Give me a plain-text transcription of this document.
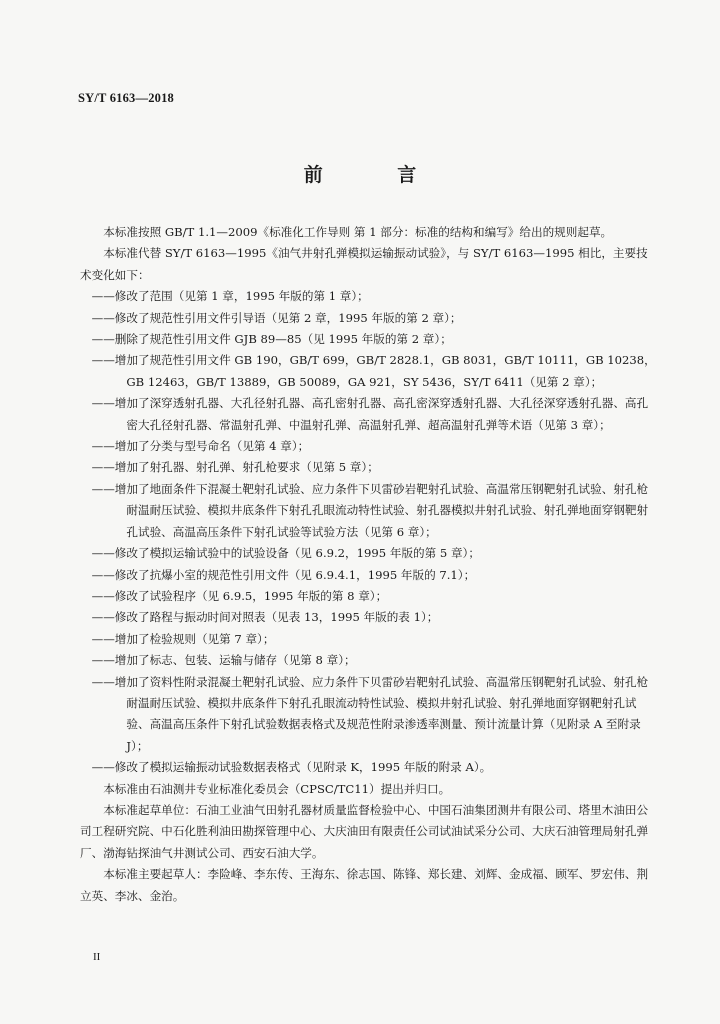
SY/T 6163—2018
前 言

本标准按照 GB/T 1.1—2009《标准化工作导则 第 1 部分：标准的结构和编写》给出的规则起草。

本标准代替 SY/T 6163—1995《油气井射孔弹模拟运输振动试验》，与 SY/T 6163—1995 相比，主要技术变化如下：

——修改了范围（见第 1 章，1995 年版的第 1 章）；

——修改了规范性引用文件引导语（见第 2 章，1995 年版的第 2 章）；

——删除了规范性引用文件 GJB 89—85（见 1995 年版的第 2 章）；

——增加了规范性引用文件 GB 190，GB/T 699，GB/T 2828.1，GB 8031，GB/T 10111，GB 10238，GB 12463，GB/T 13889，GB 50089，GA 921，SY 5436，SY/T 6411（见第 2 章）；

——增加了深穿透射孔器、大孔径射孔器、高孔密射孔器、高孔密深穿透射孔器、大孔径深穿透射孔器、高孔密大孔径射孔器、常温射孔弹、中温射孔弹、高温射孔弹、超高温射孔弹等术语（见第 3 章）；

——增加了分类与型号命名（见第 4 章）；

——增加了射孔器、射孔弹、射孔枪要求（见第 5 章）；

——增加了地面条件下混凝土靶射孔试验、应力条件下贝雷砂岩靶射孔试验、高温常压钢靶射孔试验、射孔枪耐温耐压试验、模拟井底条件下射孔孔眼流动特性试验、射孔器模拟井射孔试验、射孔弹地面穿钢靶射孔试验、高温高压条件下射孔试验等试验方法（见第 6 章）；

——修改了模拟运输试验中的试验设备（见 6.9.2，1995 年版的第 5 章）；

——修改了抗爆小室的规范性引用文件（见 6.9.4.1，1995 年版的 7.1）；

——修改了试验程序（见 6.9.5，1995 年版的第 8 章）；

——修改了路程与振动时间对照表（见表 13，1995 年版的表 1）；

——增加了检验规则（见第 7 章）；

——增加了标志、包装、运输与储存（见第 8 章）；

——增加了资料性附录混凝土靶射孔试验、应力条件下贝雷砂岩靶射孔试验、高温常压钢靶射孔试验、射孔枪耐温耐压试验、模拟井底条件下射孔孔眼流动特性试验、模拟井射孔试验、射孔弹地面穿钢靶射孔试验、高温高压条件下射孔试验数据表格式及规范性附录渗透率测量、预计流量计算（见附录 A 至附录 J）；

——修改了模拟运输振动试验数据表格式（见附录 K，1995 年版的附录 A）。

本标准由石油测井专业标准化委员会（CPSC/TC11）提出并归口。

本标准起草单位：石油工业油气田射孔器材质量监督检验中心、中国石油集团测井有限公司、塔里木油田公司工程研究院、中石化胜利油田勘探管理中心、大庆油田有限责任公司试油试采分公司、大庆石油管理局射孔弹厂、渤海钻探油气井测试公司、西安石油大学。

本标准主要起草人：李险峰、李东传、王海东、徐志国、陈锋、郑长建、刘辉、金成福、顾军、罗宏伟、荆立英、李冰、金治。

II
